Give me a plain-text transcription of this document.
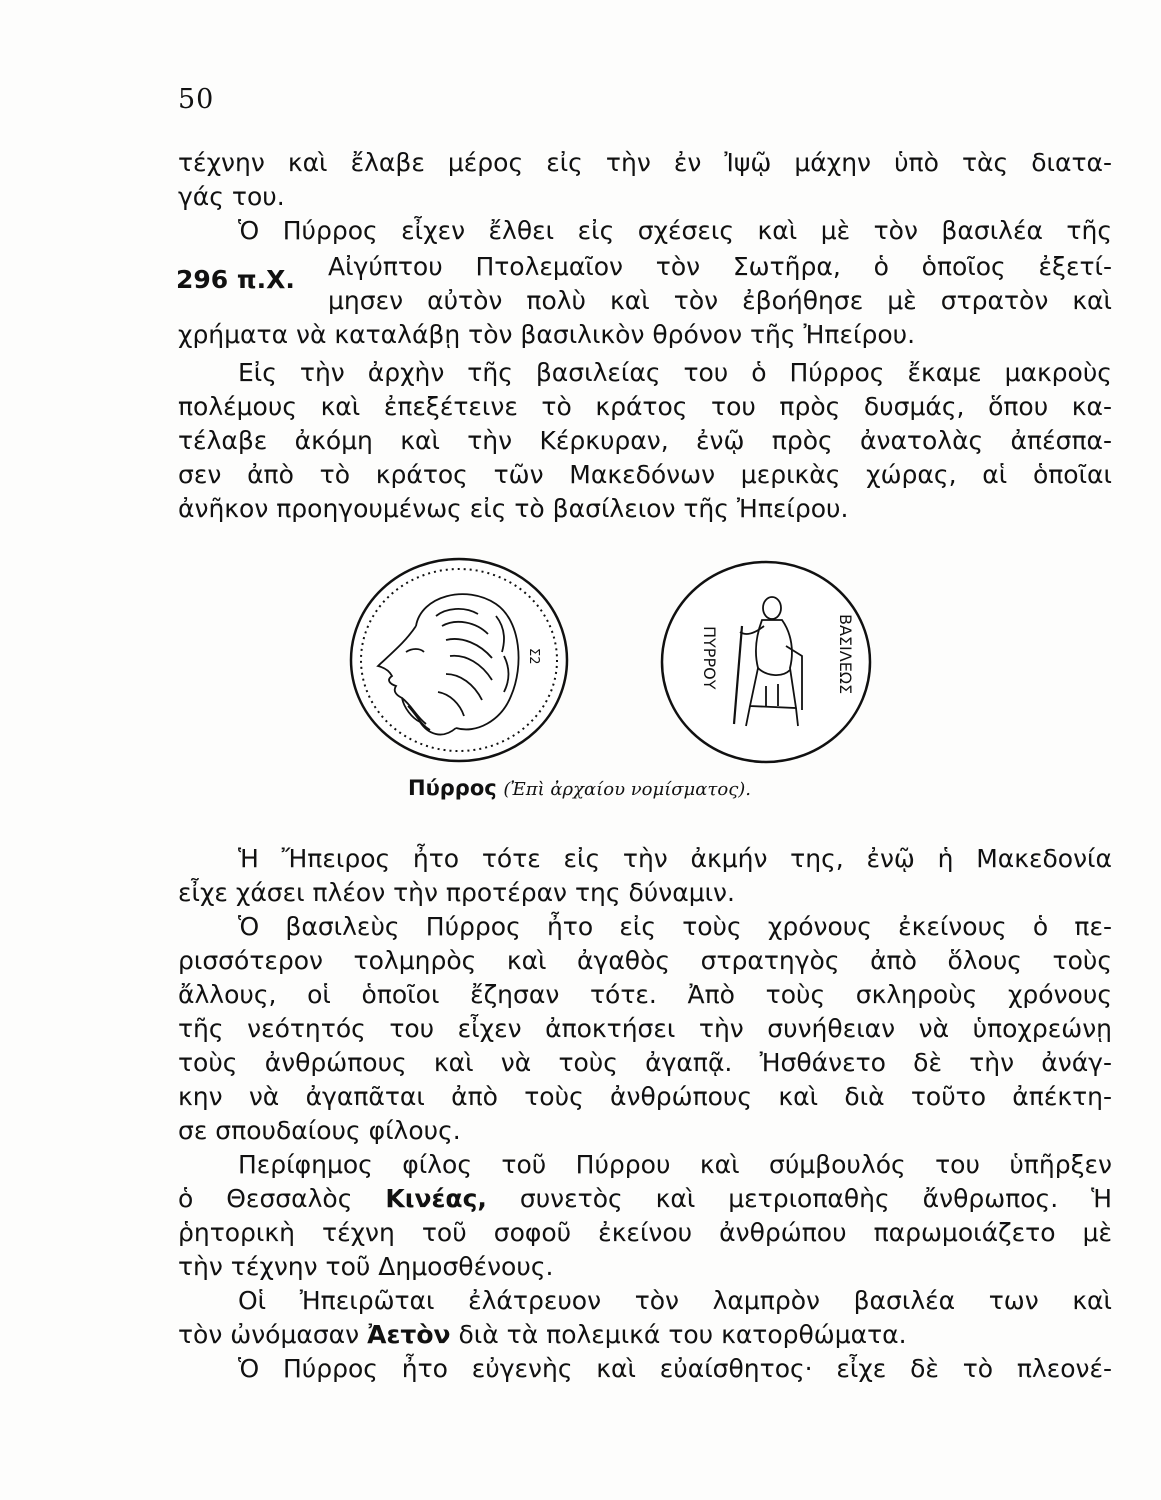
50
τέχνην καὶ ἔλαβε μέρος εἰς τὴν ἐν Ἰψῷ μάχην ὑπὸ τὰς διατα-
γάς του.
Ὁ Πύρρος εἶχεν ἔλθει εἰς σχέσεις καὶ μὲ τὸν βασιλέα τῆς
296 π.Χ. Αἰγύπτου Πτολεμαῖον τὸν Σωτῆρα, ὁ ὁποῖος ἐξετί-
μησεν αὐτὸν πολὺ καὶ τὸν ἐβοήθησε μὲ στρατὸν καὶ
χρήματα νὰ καταλάβῃ τὸν βασιλικὸν θρόνον τῆς Ἠπείρου.
Εἰς τὴν ἀρχὴν τῆς βασιλείας του ὁ Πύρρος ἔκαμε μακροὺς
πολέμους καὶ ἐπεξέτεινε τὸ κράτος του πρὸς δυσμάς, ὅπου κα-
τέλαβε ἀκόμη καὶ τὴν Κέρκυραν, ἐνῷ πρὸς ἀνατολὰς ἀπέσπα-
σεν ἀπὸ τὸ κράτος τῶν Μακεδόνων μερικὰς χώρας, αἱ ὁποῖαι
ἀνῆκον προηγουμένως εἰς τὸ βασίλειον τῆς Ἠπείρου.
Σ2	ΠΥΡΡΟΥ	ΒΑΣΙΛΕΩΣ
Πύρρος (Ἐπὶ ἀρχαίου νομίσματος).
Ἡ Ἤπειρος ἦτο τότε εἰς τὴν ἀκμήν της, ἐνῷ ἡ Μακεδονία
εἶχε χάσει πλέον τὴν προτέραν της δύναμιν.
Ὁ βασιλεὺς Πύρρος ἦτο εἰς τοὺς χρόνους ἐκείνους ὁ πε-
ρισσότερον τολμηρὸς καὶ ἀγαθὸς στρατηγὸς ἀπὸ ὅλους τοὺς
ἄλλους, οἱ ὁποῖοι ἔζησαν τότε. Ἀπὸ τοὺς σκληροὺς χρόνους
τῆς νεότητός του εἶχεν ἀποκτήσει τὴν συνήθειαν νὰ ὑποχρεώνῃ
τοὺς ἀνθρώπους καὶ νὰ τοὺς ἀγαπᾷ. Ἠσθάνετο δὲ τὴν ἀνάγ-
κην νὰ ἀγαπᾶται ἀπὸ τοὺς ἀνθρώπους καὶ διὰ τοῦτο ἀπέκτη-
σε σπουδαίους φίλους.
Περίφημος φίλος τοῦ Πύρρου καὶ σύμβουλός του ὑπῆρξεν
ὁ Θεσσαλὸς Κινέας, συνετὸς καὶ μετριοπαθὴς ἄνθρωπος. Ἡ
ῥητορικὴ τέχνη τοῦ σοφοῦ ἐκείνου ἀνθρώπου παρωμοιάζετο μὲ
τὴν τέχνην τοῦ Δημοσθένους.
Οἱ Ἠπειρῶται ἐλάτρευον τὸν λαμπρὸν βασιλέα των καὶ
τὸν ὠνόμασαν Ἀετὸν διὰ τὰ πολεμικά του κατορθώματα.
Ὁ Πύρρος ἦτο εὐγενὴς καὶ εὐαίσθητος· εἶχε δὲ τὸ πλεονέ-
